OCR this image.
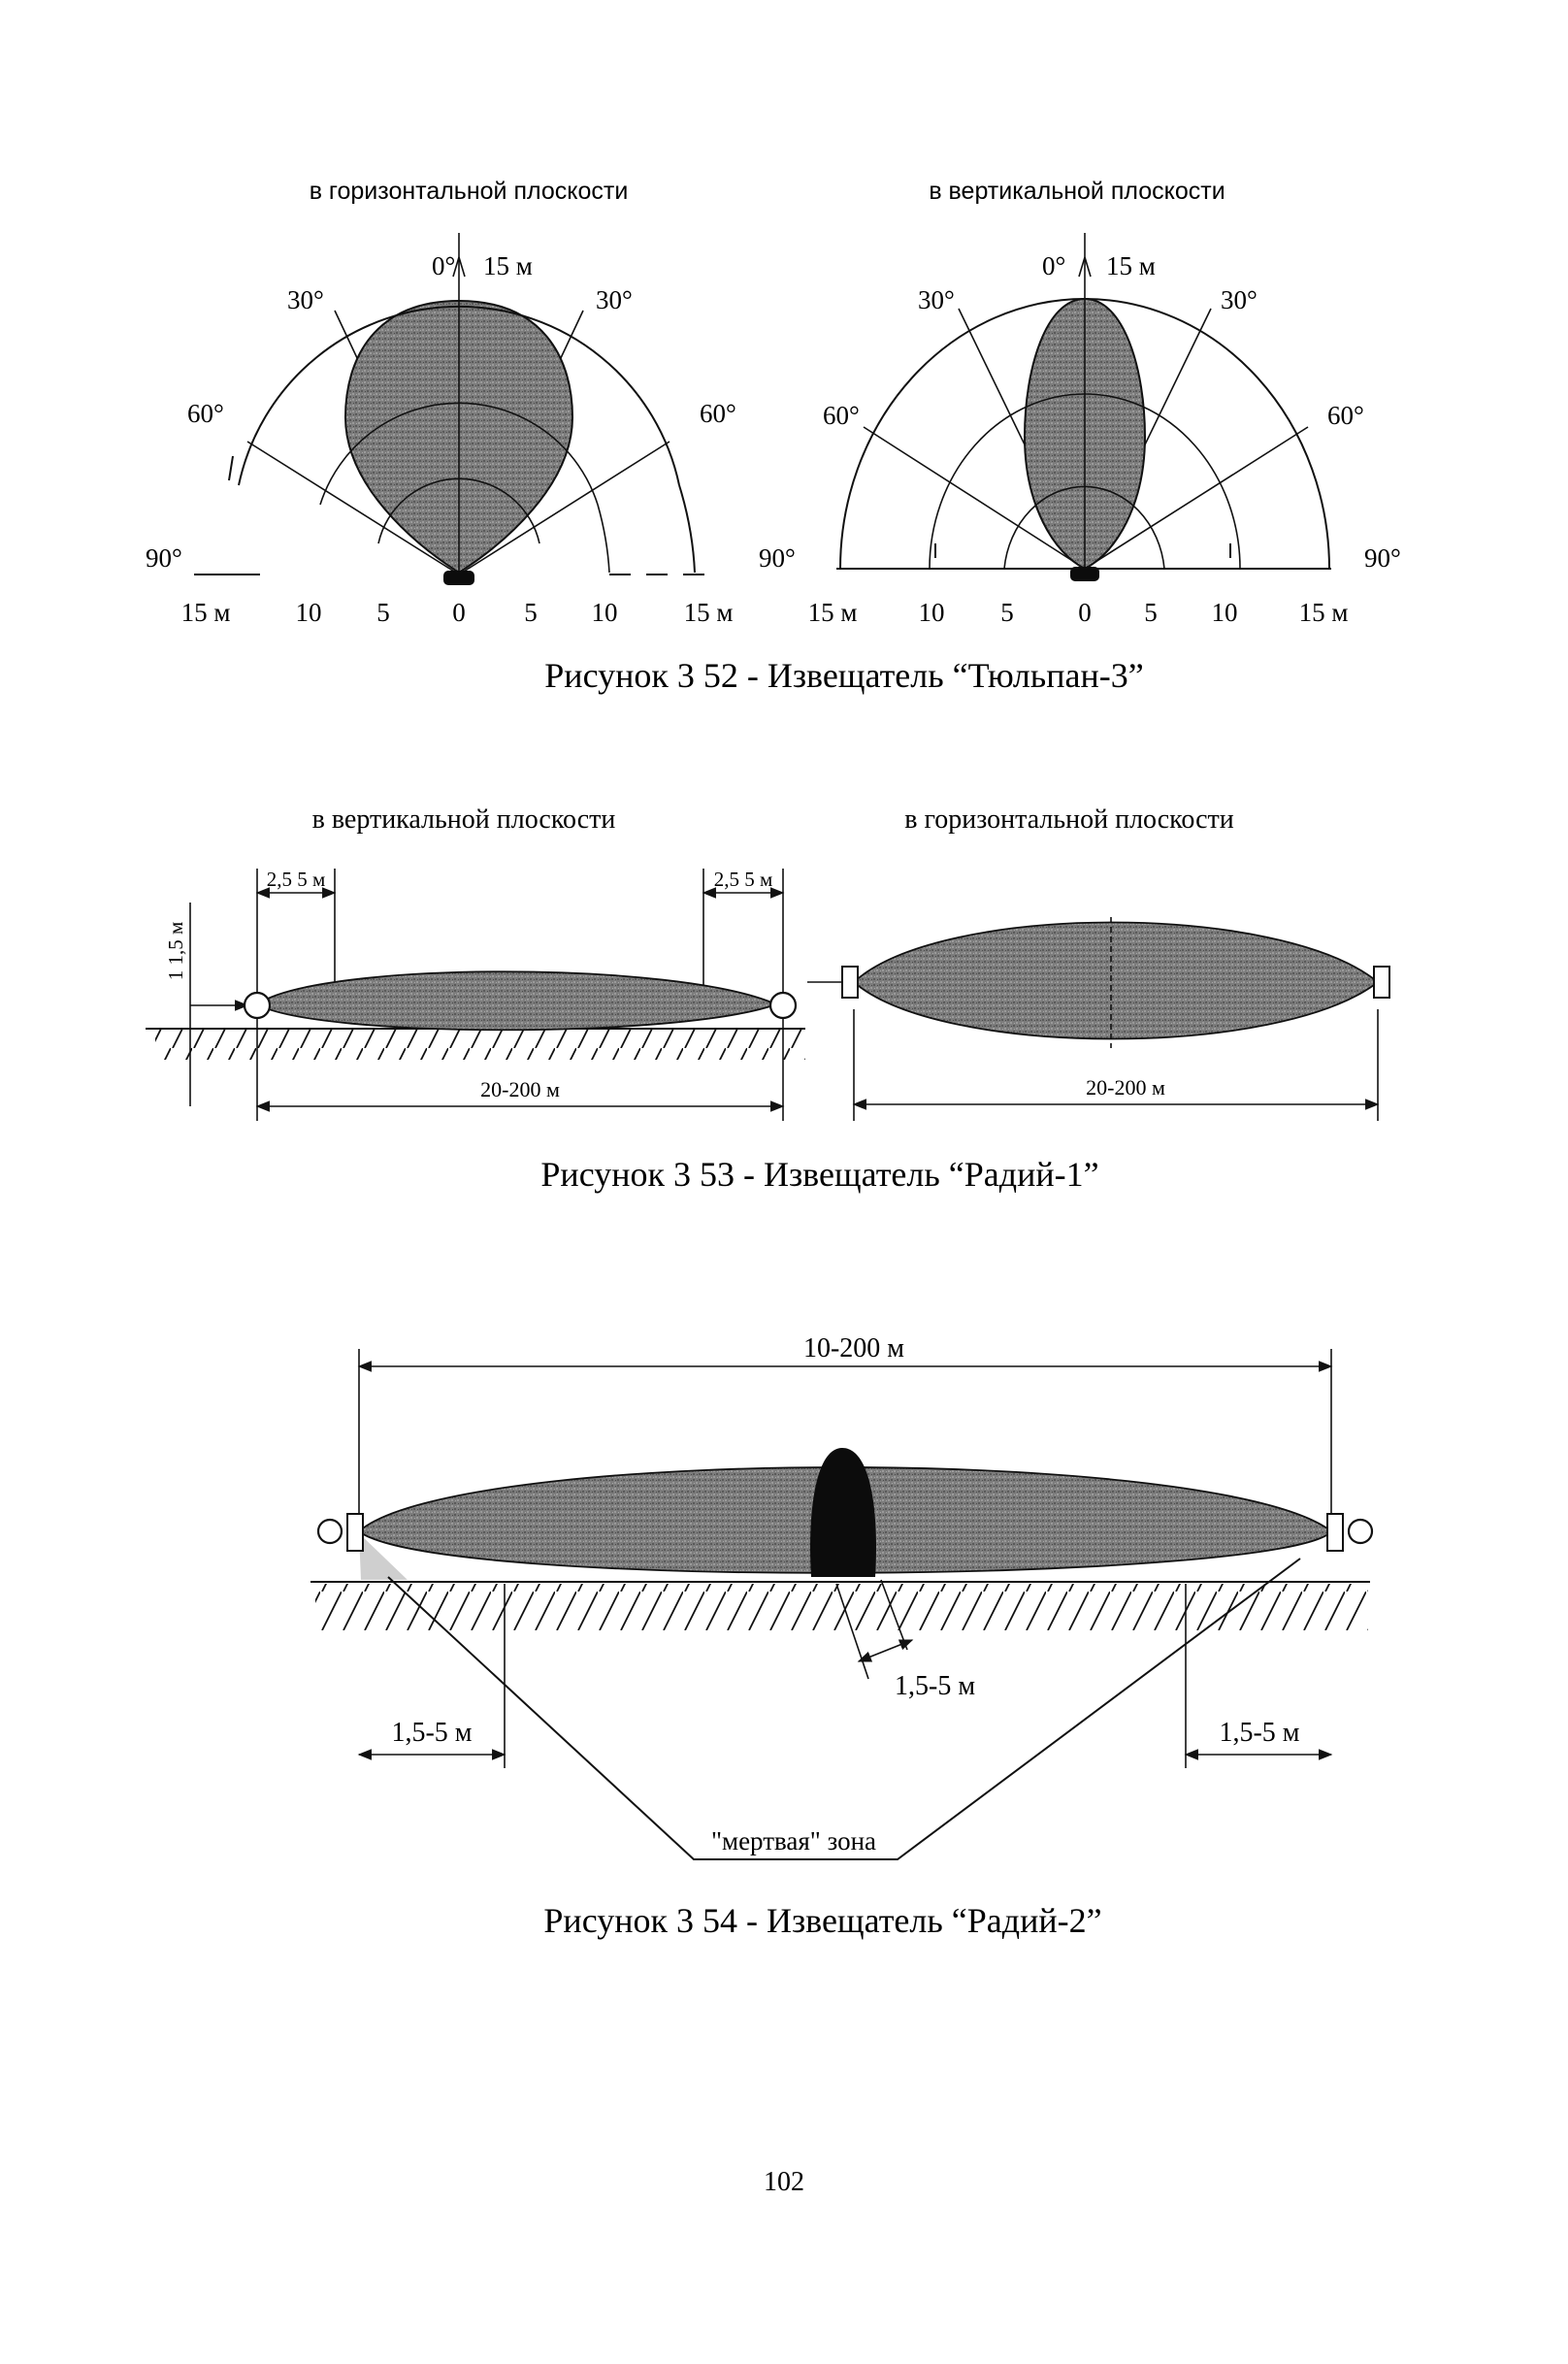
в горизонтальной плоскости
0° 15 м
30°	30°
60°	60°
90°
15 м 10 5 0 5 10	15 м
в вертикальной плоскости
0° 15 м
30°	30°
60°	60°
90°	90°
15 м 10 5 0 5 10 15 м
Рисунок 3 52 - Извещатель “Тюльпан-3”
в вертикальной плоскости
2,5 5 м	2,5 5 м
1 1,5 м
20-200 м
в горизонтальной плоскости
20-200 м
Рисунок 3 53 - Извещатель “Радий-1”
10-200 м
1,5-5 м
1,5-5 м	1,5-5 м
"мертвая" зона
Рисунок 3 54 - Извещатель “Радий-2”
102
